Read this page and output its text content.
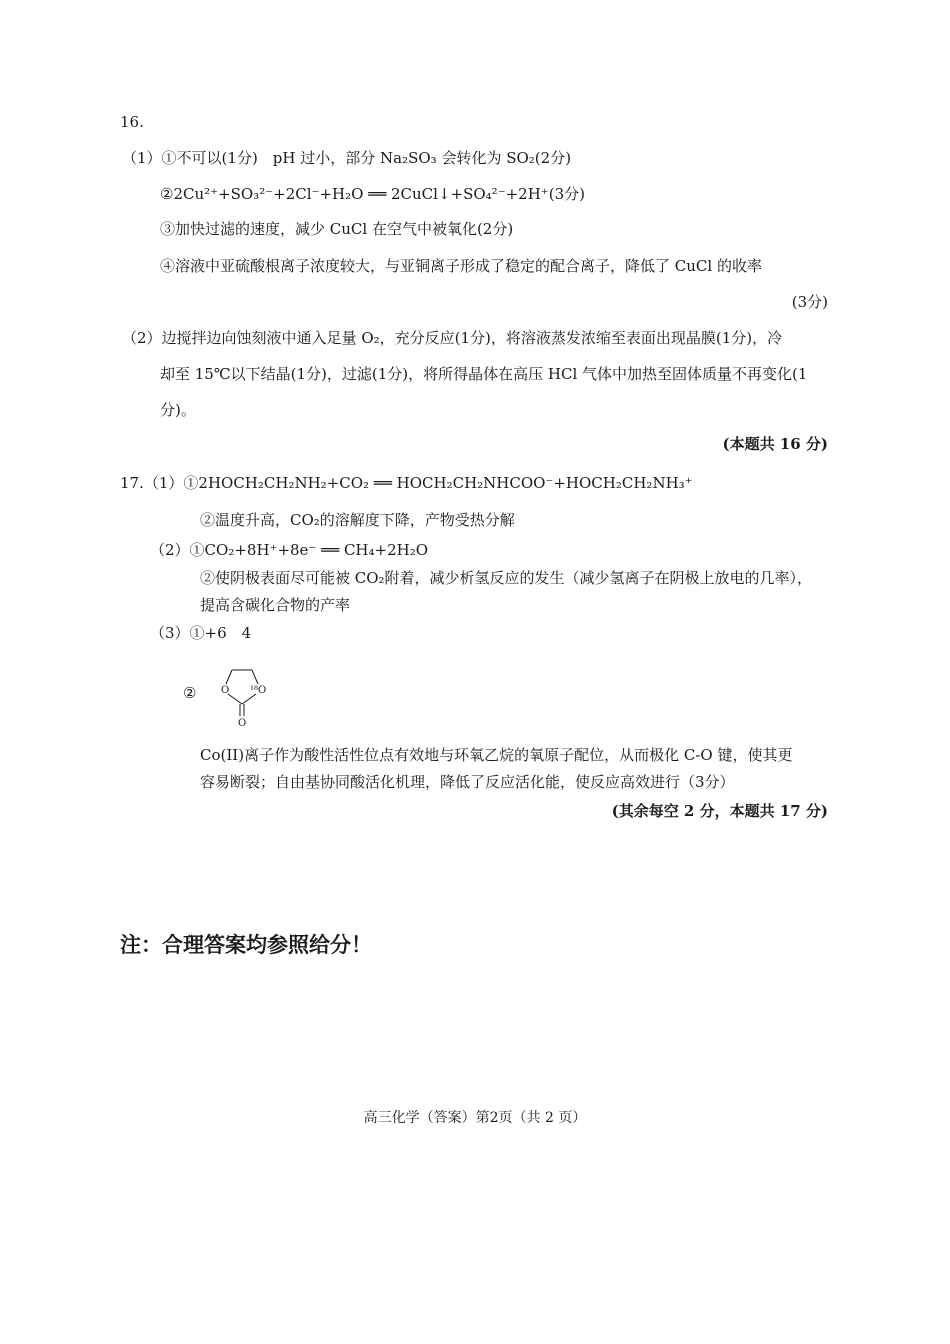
16.
（1）①不可以(1分)　pH 过小，部分 Na₂SO₃ 会转化为 SO₂(2分)
②2Cu²⁺+SO₃²⁻+2Cl⁻+H₂O ══ 2CuCl↓+SO₄²⁻+2H⁺(3分)
③加快过滤的速度，减少 CuCl 在空气中被氧化(2分)
④溶液中亚硫酸根离子浓度较大，与亚铜离子形成了稳定的配合离子，降低了 CuCl 的收率
(3分)
（2）边搅拌边向蚀刻液中通入足量 O₂，充分反应(1分)，将溶液蒸发浓缩至表面出现晶膜(1分)，冷
却至 15℃以下结晶(1分)，过滤(1分)，将所得晶体在高压 HCl 气体中加热至固体质量不再变化(1
分)。
(本题共 16 分)
17.（1）①2HOCH₂CH₂NH₂+CO₂ ══ HOCH₂CH₂NHCOO⁻+HOCH₂CH₂NH₃⁺
②温度升高，CO₂的溶解度下降，产物受热分解
（2）①CO₂+8H⁺+8e⁻ ══ CH₄+2H₂O
②使阴极表面尽可能被 CO₂附着，减少析氢反应的发生（减少氢离子在阴极上放电的几率），
提高含碳化合物的产率
（3）①+6　4
② O ¹⁸O
O
Co(II)离子作为酸性活性位点有效地与环氧乙烷的氧原子配位，从而极化 C-O 键，使其更
容易断裂；自由基协同酸活化机理，降低了反应活化能，使反应高效进行（3分）
(其余每空 2 分，本题共 17 分)
注：合理答案均参照给分！
高三化学（答案）第2页（共 2 页）
